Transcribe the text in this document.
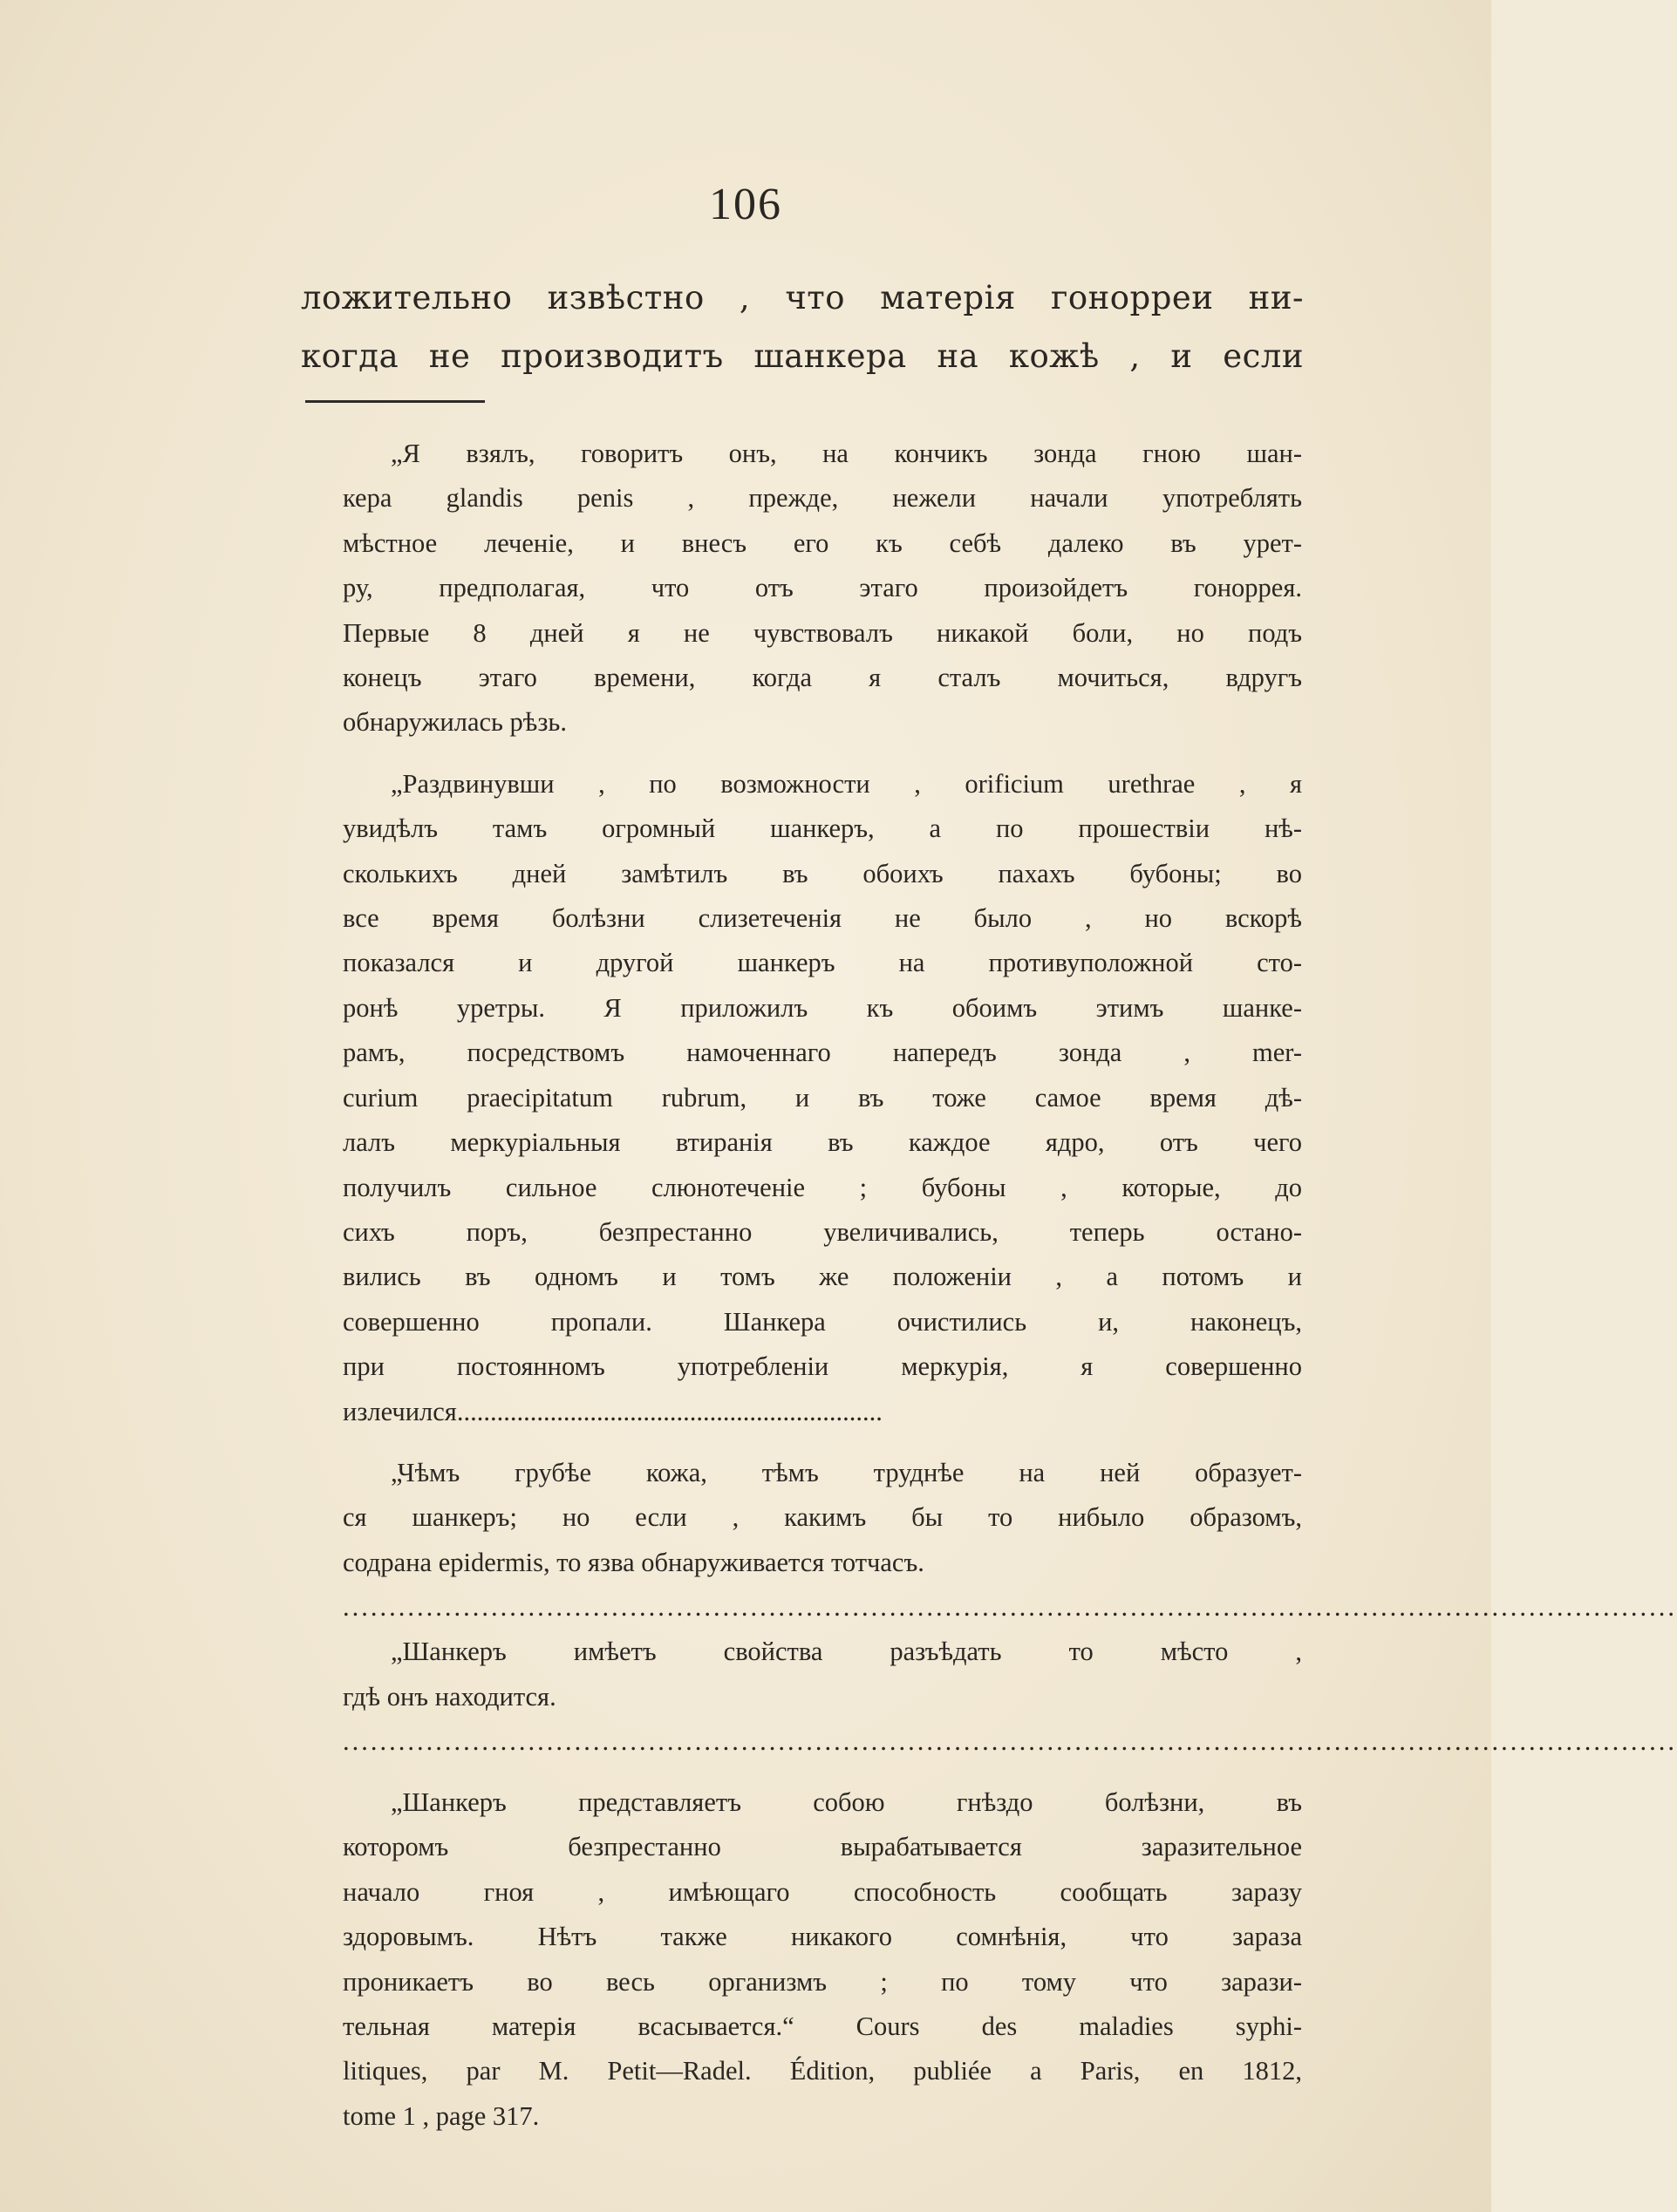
106
ложительно извѣстно , что матерія гонорреи ни-
когда не производитъ шанкера на кожѣ , и если
„Я взялъ, говоритъ онъ, на кончикъ зонда гною шан-
кера glandis penis , прежде, нежели начали употреблять
мѣстное леченіе, и внесъ его къ себѣ далеко въ урет-
ру, предполагая, что отъ этаго произойдетъ гоноррея.
Первые 8 дней я не чувствовалъ никакой боли, но подъ
конецъ этаго времени, когда я сталъ мочиться, вдругъ
обнаружилась рѣзь.
„Раздвинувши , по возможности , orificium urethrae , я
увидѣлъ тамъ огромный шанкеръ, а по прошествіи нѣ-
сколькихъ дней замѣтилъ въ обоихъ пахахъ бубоны; во
все время болѣзни слизетеченія не было , но вскорѣ
показался и другой шанкеръ на противуположной сто-
ронѣ уретры. Я приложилъ къ обоимъ этимъ шанке-
рамъ, посредствомъ намоченнаго напередъ зонда , mer-
curium praecipitatum rubrum, и въ тоже самое время дѣ-
лалъ меркуріальныя втиранія въ каждое ядро, отъ чего
получилъ сильное слюнотеченіе ; бубоны , которые, до
сихъ поръ, безпрестанно увеличивались, теперь остано-
вились въ одномъ и томъ же положеніи , а потомъ и
совершенно пропали. Шанкера очистились и, наконецъ,
при постоянномъ употребленіи меркурія, я совершенно
излечился................................................................
„Чѣмъ грубѣе кожа, тѣмъ труднѣе на ней образует-
ся шанкеръ; но если , какимъ бы то нибыло образомъ,
содрана epidermis, то язва обнаруживается тотчасъ.
................................................................................................................................................
„Шанкеръ имѣетъ свойства разъѣдать то мѣсто ,
гдѣ онъ находится.
................................................................................................................................................
„Шанкеръ представляетъ собою гнѣздо болѣзни, въ
которомъ безпрестанно вырабатывается заразительное
начало гноя , имѣющаго способность сообщать заразу
здоровымъ. Нѣтъ также никакого сомнѣнія, что зараза
проникаетъ во весь организмъ ; по тому что зарази-
тельная матерія всасывается.“ Cours des maladies syphi-
litiques, par M. Petit—Radel. Édition, publiée a Paris, en 1812,
tome 1 , page 317.
